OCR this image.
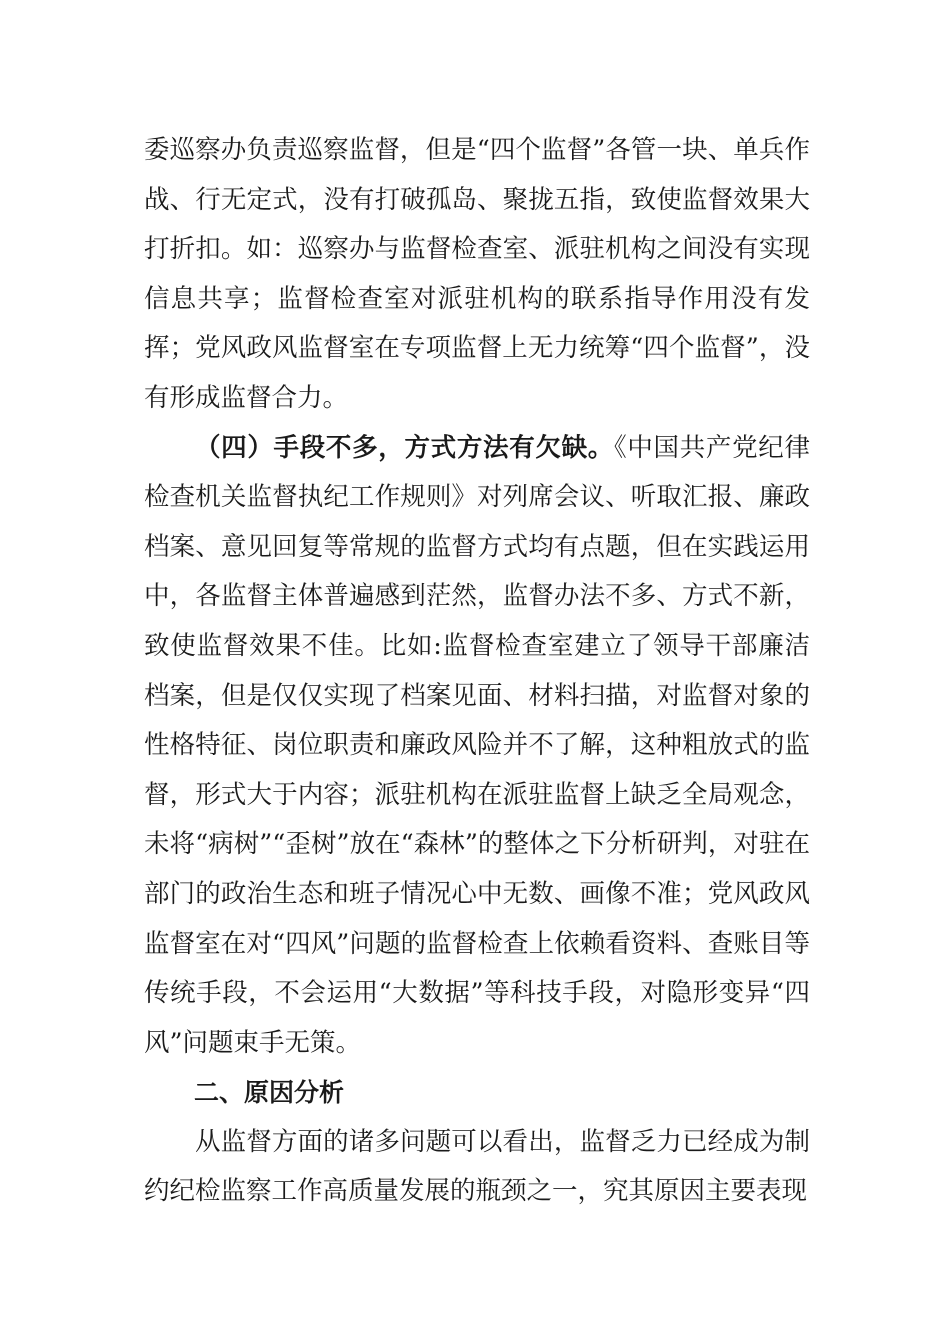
委巡察办负责巡察监督，但是“四个监督”各管一块、单兵作战、行无定式，没有打破孤岛、聚拢五指，致使监督效果大打折扣。如：巡察办与监督检查室、派驻机构之间没有实现信息共享；监督检查室对派驻机构的联系指导作用没有发挥；党风政风监督室在专项监督上无力统筹“四个监督”，没有形成监督合力。

（四）手段不多，方式方法有欠缺。《中国共产党纪律检查机关监督执纪工作规则》对列席会议、听取汇报、廉政档案、意见回复等常规的监督方式均有点题，但在实践运用中，各监督主体普遍感到茫然，监督办法不多、方式不新，致使监督效果不佳。比如:监督检查室建立了领导干部廉洁档案，但是仅仅实现了档案见面、材料扫描，对监督对象的性格特征、岗位职责和廉政风险并不了解，这种粗放式的监督，形式大于内容；派驻机构在派驻监督上缺乏全局观念，未将“病树”“歪树”放在“森林”的整体之下分析研判，对驻在部门的政治生态和班子情况心中无数、画像不准；党风政风监督室在对“四风”问题的监督检查上依赖看资料、查账目等传统手段，不会运用“大数据”等科技手段，对隐形变异“四风”问题束手无策。

二、原因分析

从监督方面的诸多问题可以看出，监督乏力已经成为制约纪检监察工作高质量发展的瓶颈之一，究其原因主要表现
